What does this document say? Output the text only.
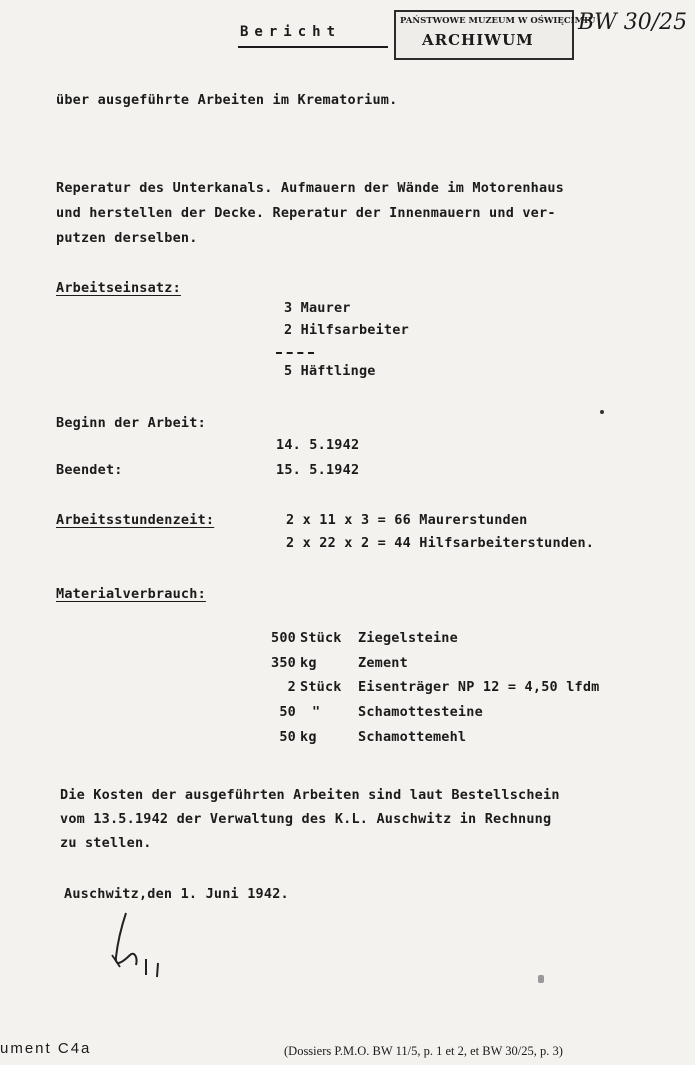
Bericht
PAŃSTWOWE MUZEUM W OŚWIĘCIMIU
ARCHIWUM
BW 30/25
über ausgeführte Arbeiten im Krematorium.
Reperatur des Unterkanals. Aufmauern der Wände im Motorenhaus
und herstellen der Decke. Reperatur der Innenmauern und ver-
putzen derselben.
Arbeitseinsatz:
3 Maurer
2 Hilfsarbeiter
5 Häftlinge
Beginn der Arbeit:
14. 5.1942
Beendet:	15. 5.1942
Arbeitsstundenzeit:	2 x 11 x 3 = 66 Maurerstunden
2 x 22 x 2 = 44 Hilfsarbeiterstunden.
Materialverbrauch:
500 Stück Ziegelsteine
350 kg	Zement
2 Stück Eisenträger NP 12 = 4,50 lfdm
50 "	Schamottesteine
50 kg	Schamottemehl
Die Kosten der ausgeführten Arbeiten sind laut Bestellschein
vom 13.5.1942 der Verwaltung des K.L. Auschwitz in Rechnung
zu stellen.
Auschwitz,den 1. Juni 1942.
ument C4a	(Dossiers P.M.O. BW 11/5, p. 1 et 2, et BW 30/25, p. 3)
